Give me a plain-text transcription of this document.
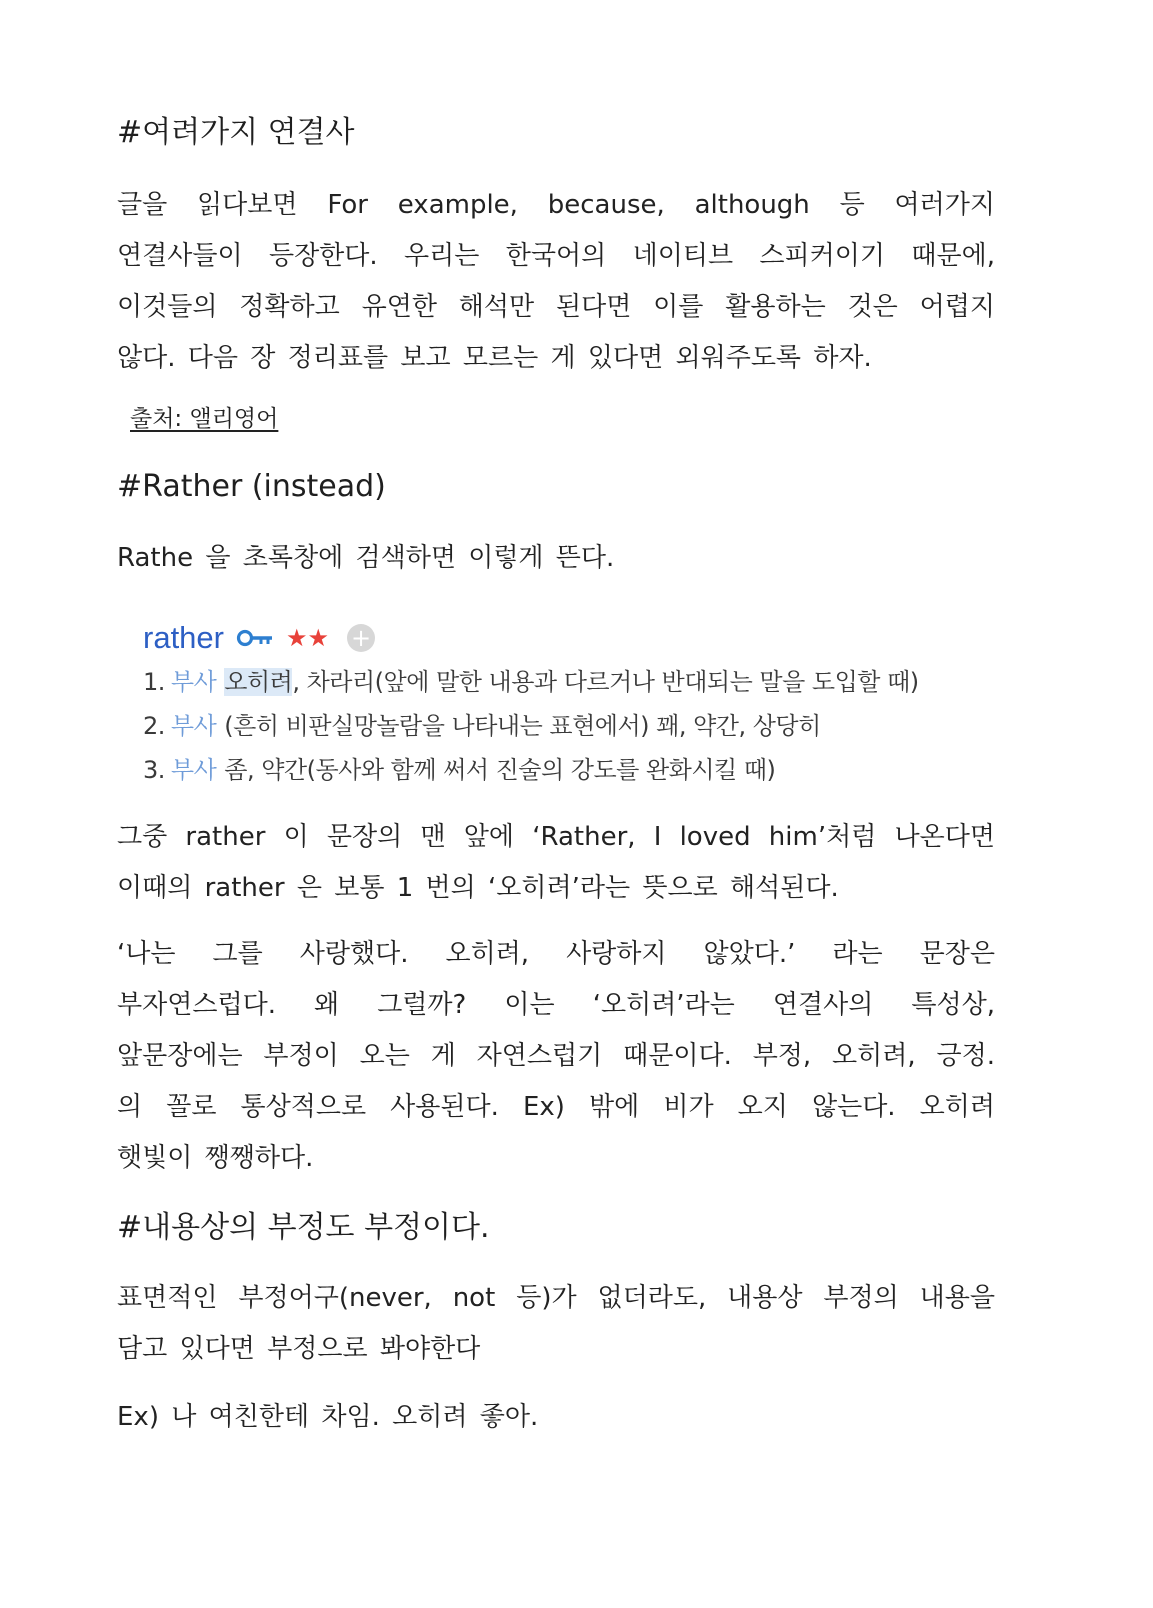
#여려가지 연결사
글을 읽다보면 For example, because, although 등 여러가지
연결사들이 등장한다. 우리는 한국어의 네이티브 스피커이기 때문에,
이것들의 정확하고 유연한 해석만 된다면 이를 활용하는 것은 어렵지
않다. 다음 장 정리표를 보고 모르는 게 있다면 외워주도록 하자.
출처: 앨리영어
#Rather (instead)

Rathe 을 초록창에 검색하면 이렇게 뜬다.

rather	★★ +
1. 부사 오히려, 차라리(앞에 말한 내용과 다르거나 반대되는 말을 도입할 때)
2. 부사 (흔히 비판실망놀람을 나타내는 표현에서) 꽤, 약간, 상당히
3. 부사 좀, 약간(동사와 함께 써서 진술의 강도를 완화시킬 때)
그중 rather 이 문장의 맨 앞에 ‘Rather, I loved him’처럼 나온다면
이때의 rather 은 보통 1 번의 ‘오히려’라는 뜻으로 해석된다.
‘나는 그를 사랑했다. 오히려, 사랑하지 않았다.’ 라는 문장은
부자연스럽다. 왜 그럴까? 이는 ‘오히려’라는 연결사의 특성상,
앞문장에는 부정이 오는 게 자연스럽기 때문이다. 부정, 오히려, 긍정.
의 꼴로 통상적으로 사용된다. Ex) 밖에 비가 오지 않는다. 오히려
햇빛이 쨍쨍하다.
#내용상의 부정도 부정이다.
표면적인 부정어구(never, not 등)가 없더라도, 내용상 부정의 내용을
담고 있다면 부정으로 봐야한다

Ex) 나 여친한테 차임. 오히려 좋아.
